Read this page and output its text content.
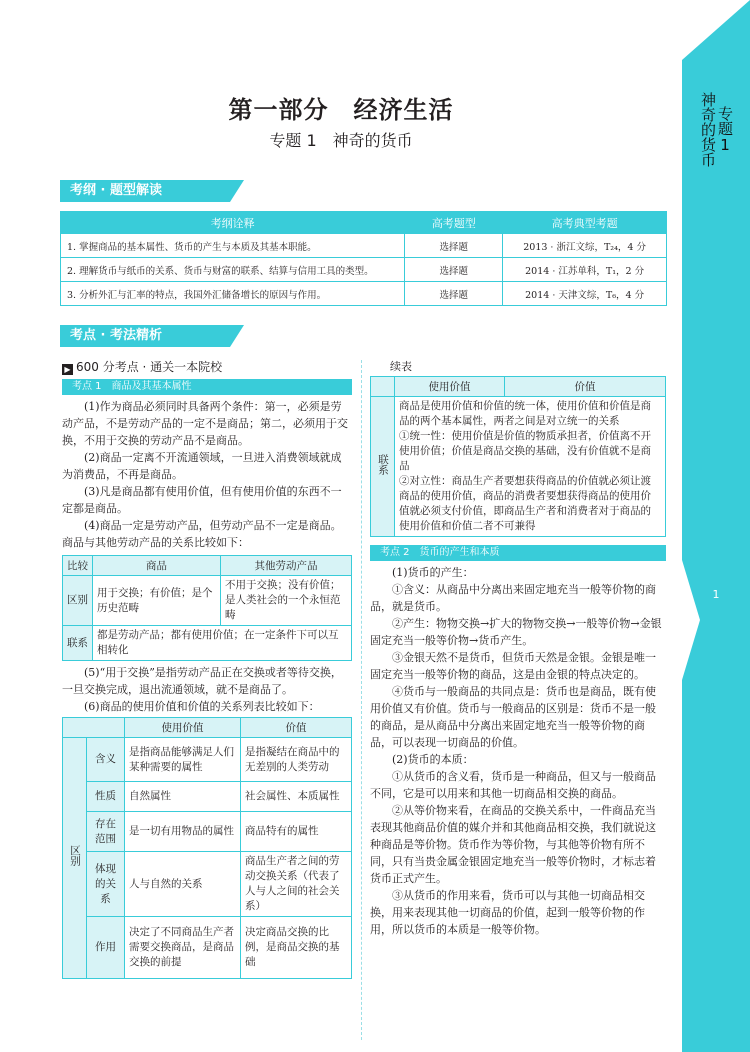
专题1
神奇的货币
1
第一部分　经济生活
专题 1　神奇的货币
考纲 · 题型解读
考纲诠释	高考题型	高考典型考题
1. 掌握商品的基本属性、货币的产生与本质及其基本职能。	选择题	2013 · 浙江文综，T₂₄，4 分
2. 理解货币与纸币的关系、货币与财富的联系、结算与信用工具的类型。	选择题	2014 · 江苏单科，T₁，2 分
3. 分析外汇与汇率的特点，我国外汇储备增长的原因与作用。	选择题	2014 · 天津文综，T₆，4 分
考点 · 考法精析
▶ 600 分考点 · 通关一本院校
考点 1　商品及其基本属性

(1)作为商品必须同时具备两个条件：第一，必须是劳动产品，不是劳动产品的一定不是商品；第二，必须用于交换，不用于交换的劳动产品不是商品。

(2)商品一定离不开流通领域，一旦进入消费领域就成为消费品，不再是商品。

(3)凡是商品都有使用价值，但有使用价值的东西不一定都是商品。

(4)商品一定是劳动产品，但劳动产品不一定是商品。商品与其他劳动产品的关系比较如下：

比较	商品	其他劳动产品
区别	用于交换；有价值；是个历史范畴	不用于交换；没有价值；是人类社会的一个永恒范畴
联系	都是劳动产品；都有使用价值；在一定条件下可以互相转化	

(5)“用于交换”是指劳动产品正在交换或者等待交换，一旦交换完成，退出流通领域，就不是商品了。

(6)商品的使用价值和价值的关系列表比较如下：

		使用价值	价值
区别	含义	是指商品能够满足人们某种需要的属性	是指凝结在商品中的无差别的人类劳动
	性质	自然属性	社会属性、本质属性
	存在范围	是一切有用物品的属性	商品特有的属性
	体现的关系	人与自然的关系	商品生产者之间的劳动交换关系（代表了人与人之间的社会关系）
	作用	决定了不同商品生产者需要交换商品，是商品交换的前提	决定商品交换的比例，是商品交换的基础

续表

	使用价值	价值
联系	商品是使用价值和价值的统一体，使用价值和价值是商品的两个基本属性，两者之间是对立统一的关系
①统一性：使用价值是价值的物质承担者，价值离不开使用价值；价值是商品交换的基础，没有价值就不是商品
②对立性：商品生产者要想获得商品的价值就必须让渡商品的使用价值，商品的消费者要想获得商品的使用价值就必须支付价值，即商品生产者和消费者对于商品的使用价值和价值二者不可兼得	
考点 2　货币的产生和本质

(1)货币的产生：

①含义：从商品中分离出来固定地充当一般等价物的商品，就是货币。

②产生：物物交换→扩大的物物交换→一般等价物→金银固定充当一般等价物→货币产生。

③金银天然不是货币，但货币天然是金银。金银是唯一固定充当一般等价物的商品，这是由金银的特点决定的。

④货币与一般商品的共同点是：货币也是商品，既有使用价值又有价值。货币与一般商品的区别是：货币不是一般的商品，是从商品中分离出来固定地充当一般等价物的商品，可以表现一切商品的价值。

(2)货币的本质：

①从货币的含义看，货币是一种商品，但又与一般商品不同，它是可以用来和其他一切商品相交换的商品。

②从等价物来看，在商品的交换关系中，一件商品充当表现其他商品价值的媒介并和其他商品相交换，我们就说这种商品是等价物。货币作为等价物，与其他等价物有所不同，只有当贵金属金银固定地充当一般等价物时，才标志着货币正式产生。

③从货币的作用来看，货币可以与其他一切商品相交换，用来表现其他一切商品的价值，起到一般等价物的作用，所以货币的本质是一般等价物。
